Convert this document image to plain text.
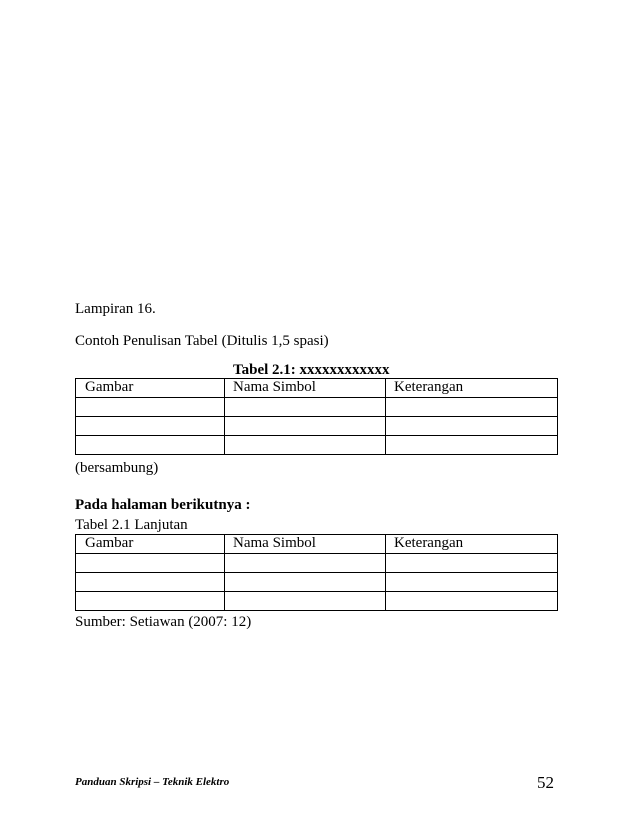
Lampiran 16.
Contoh Penulisan Tabel (Ditulis 1,5 spasi)
Tabel 2.1: xxxxxxxxxxxx
Gambar	Nama Simbol	Keterangan

(bersambung)
Pada halaman berikutnya :
Tabel 2.1 Lanjutan
Gambar	Nama Simbol	Keterangan

Sumber: Setiawan (2007: 12)
Panduan Skripsi – Teknik Elektro	52
